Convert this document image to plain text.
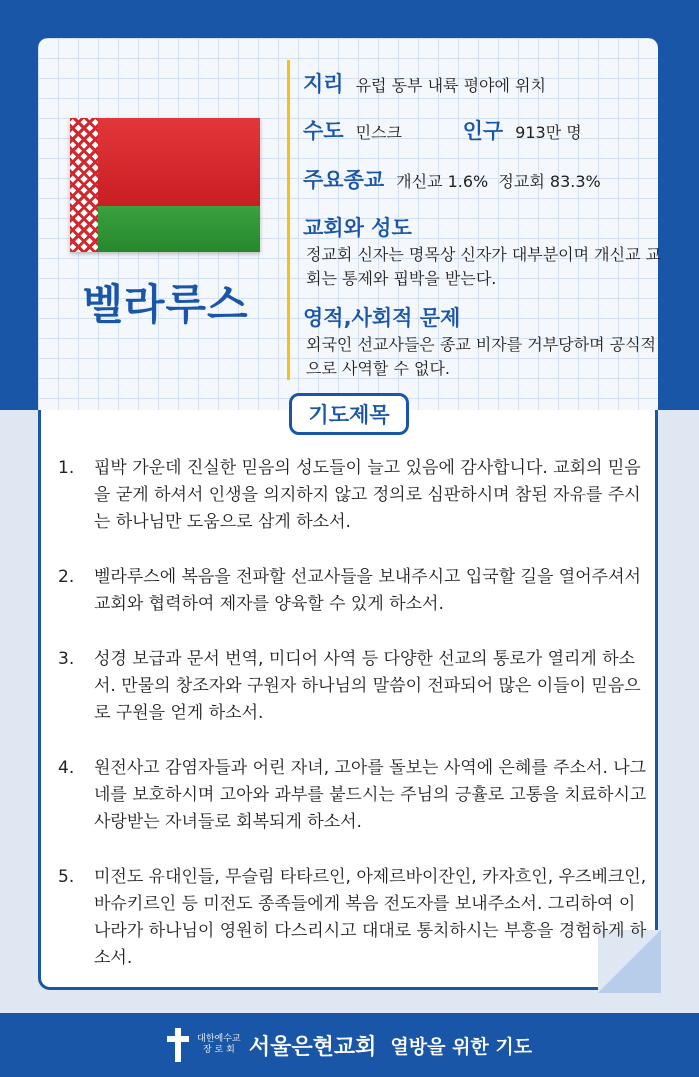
벨라루스
지리 유럽 동부 내륙 평야에 위치
수도 민스크	인구 913만 명
주요종교 개신교 1.6%  정교회 83.3%
교회와 성도
정교회 신자는 명목상 신자가 대부분이며 개신교 교회는 통제와 핍박을 받는다.
영적,사회적 문제
외국인 선교사들은 종교 비자를 거부당하며 공식적으로 사역할 수 없다.
기도제목
1.	핍박 가운데 진실한 믿음의 성도들이 늘고 있음에 감사합니다. 교회의 믿음을 굳게 하셔서 인생을 의지하지 않고 정의로 심판하시며 참된 자유를 주시는 하나님만 도움으로 삼게 하소서.
2.	벨라루스에 복음을 전파할 선교사들을 보내주시고 입국할 길을 열어주셔서 교회와 협력하여 제자를 양육할 수 있게 하소서.
3.	성경 보급과 문서 번역, 미디어 사역 등 다양한 선교의 통로가 열리게 하소서. 만물의 창조자와 구원자 하나님의 말씀이 전파되어 많은 이들이 믿음으로 구원을 얻게 하소서.
4.	원전사고 감염자들과 어린 자녀, 고아를 돌보는 사역에 은혜를 주소서. 나그네를 보호하시며 고아와 과부를 붙드시는 주님의 긍휼로 고통을 치료하시고 사랑받는 자녀들로 회복되게 하소서.
5.	미전도 유대인들, 무슬림 타타르인, 아제르바이잔인, 카자흐인, 우즈베크인, 바슈키르인 등 미전도 종족들에게 복음 전도자를 보내주소서. 그리하여 이 나라가 하나님이 영원히 다스리시고 대대로 통치하시는 부흥을 경험하게 하소서.
대한예수교
장 로 회 서울은현교회 열방을 위한 기도
